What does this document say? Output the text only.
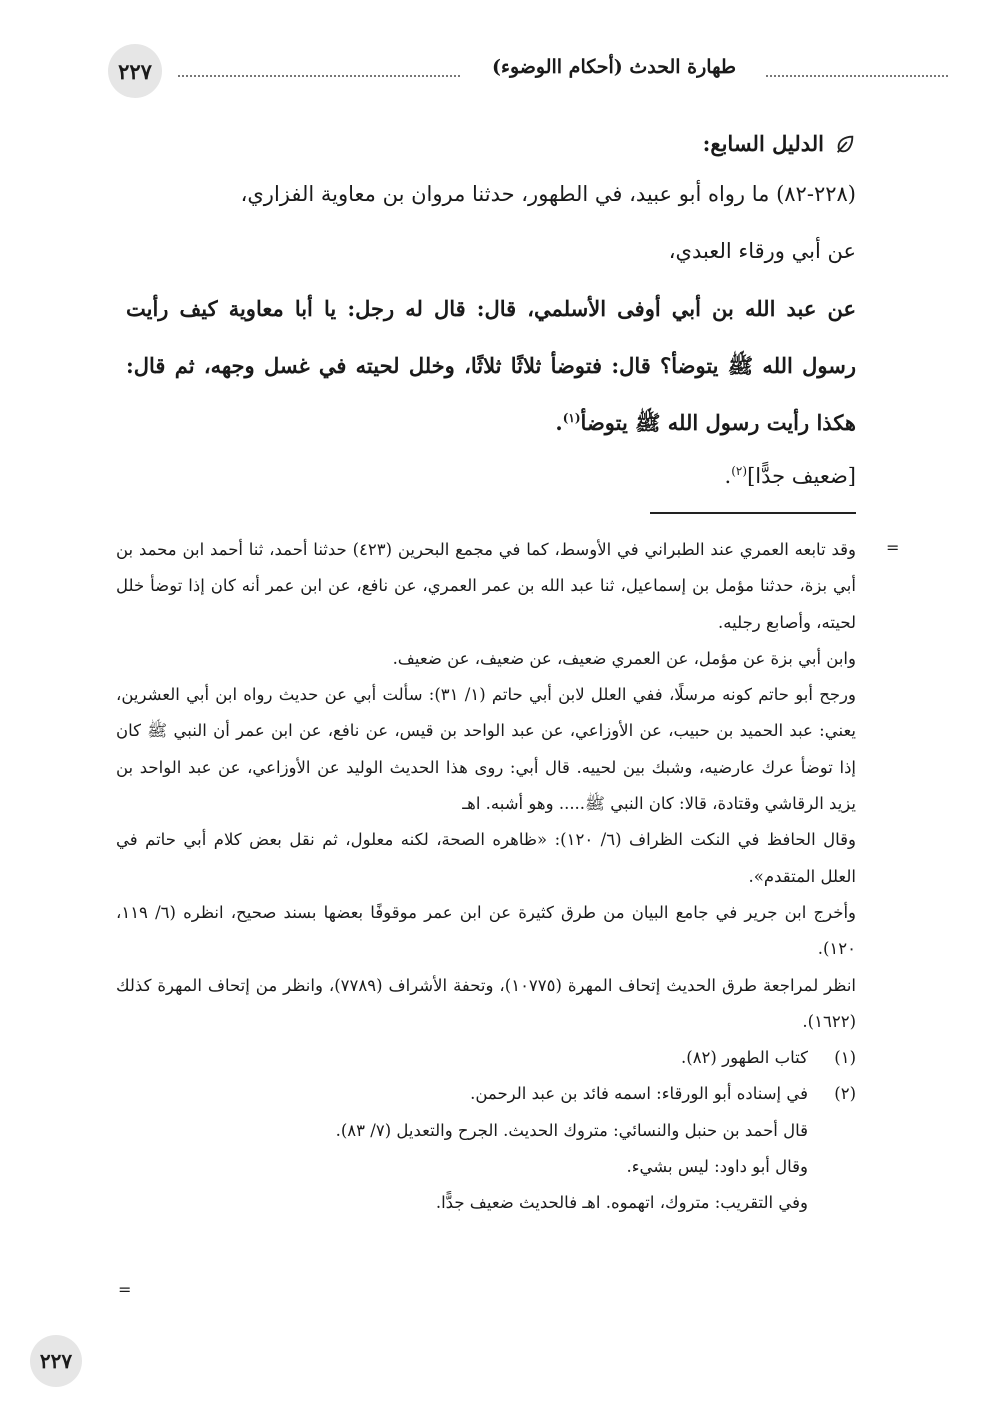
٢٢٧	طهارة الحدث (أحكام االوضوء)
الدليل السابع:

(٢٢٨-٨٢) ما رواه أبو عبيد، في الطهور، حدثنا مروان بن معاوية الفزاري،

عن أبي ورقاء العبدي،

عن عبد الله بن أبي أوفى الأسلمي، قال: قال له رجل: يا أبا معاوية كيف رأيت رسول الله ﷺ يتوضأ؟ قال: فتوضأ ثلاثًا ثلاثًا، وخلل لحيته في غسل وجهه، ثم قال: هكذا رأيت رسول الله ﷺ يتوضأ$^{(١)}$.

[ضعيف جدًّا]$^{(٢)}$.

=

وقد تابعه العمري عند الطبراني في الأوسط، كما في مجمع البحرين (٤٢٣) حدثنا أحمد، ثنا أحمد ابن محمد بن أبي بزة، حدثنا مؤمل بن إسماعيل، ثنا عبد الله بن عمر العمري، عن نافع، عن ابن عمر أنه كان إذا توضأ خلل لحيته، وأصابع رجليه.

وابن أبي بزة عن مؤمل، عن العمري ضعيف، عن ضعيف، عن ضعيف.

ورجح أبو حاتم كونه مرسلًا، ففي العلل لابن أبي حاتم (١/ ٣١): سألت أبي عن حديث رواه ابن أبي العشرين، يعني: عبد الحميد بن حبيب، عن الأوزاعي، عن عبد الواحد بن قيس، عن نافع، عن ابن عمر أن النبي ﷺ كان إذا توضأ عرك عارضيه، وشبك بين لحييه. قال أبي: روى هذا الحديث الوليد عن الأوزاعي، عن عبد الواحد بن يزيد الرقاشي وقتادة، قالا: كان النبي ﷺ..... وهو أشبه. اهـ

وقال الحافظ في النكت الظراف (٦/ ١٢٠): «ظاهره الصحة، لكنه معلول، ثم نقل بعض كلام أبي حاتم في العلل المتقدم».

وأخرج ابن جرير في جامع البيان من طرق كثيرة عن ابن عمر موقوفًا بعضها بسند صحيح، انظره (٦/ ١١٩، ١٢٠).

انظر لمراجعة طرق الحديث إتحاف المهرة (١٠٧٧٥)، وتحفة الأشراف (٧٧٨٩)، وانظر من إتحاف المهرة كذلك (١٦٢٢).

(١)
كتاب الطهور (٨٢).
(٢)
في إسناده أبو الورقاء: اسمه فائد بن عبد الرحمن.

قال أحمد بن حنبل والنسائي: متروك الحديث. الجرح والتعديل (٧/ ٨٣).

وقال أبو داود: ليس بشيء.

وفي التقريب: متروك، اتهموه. اهـ فالحديث ضعيف جدًّا.

=
٢٢٧
